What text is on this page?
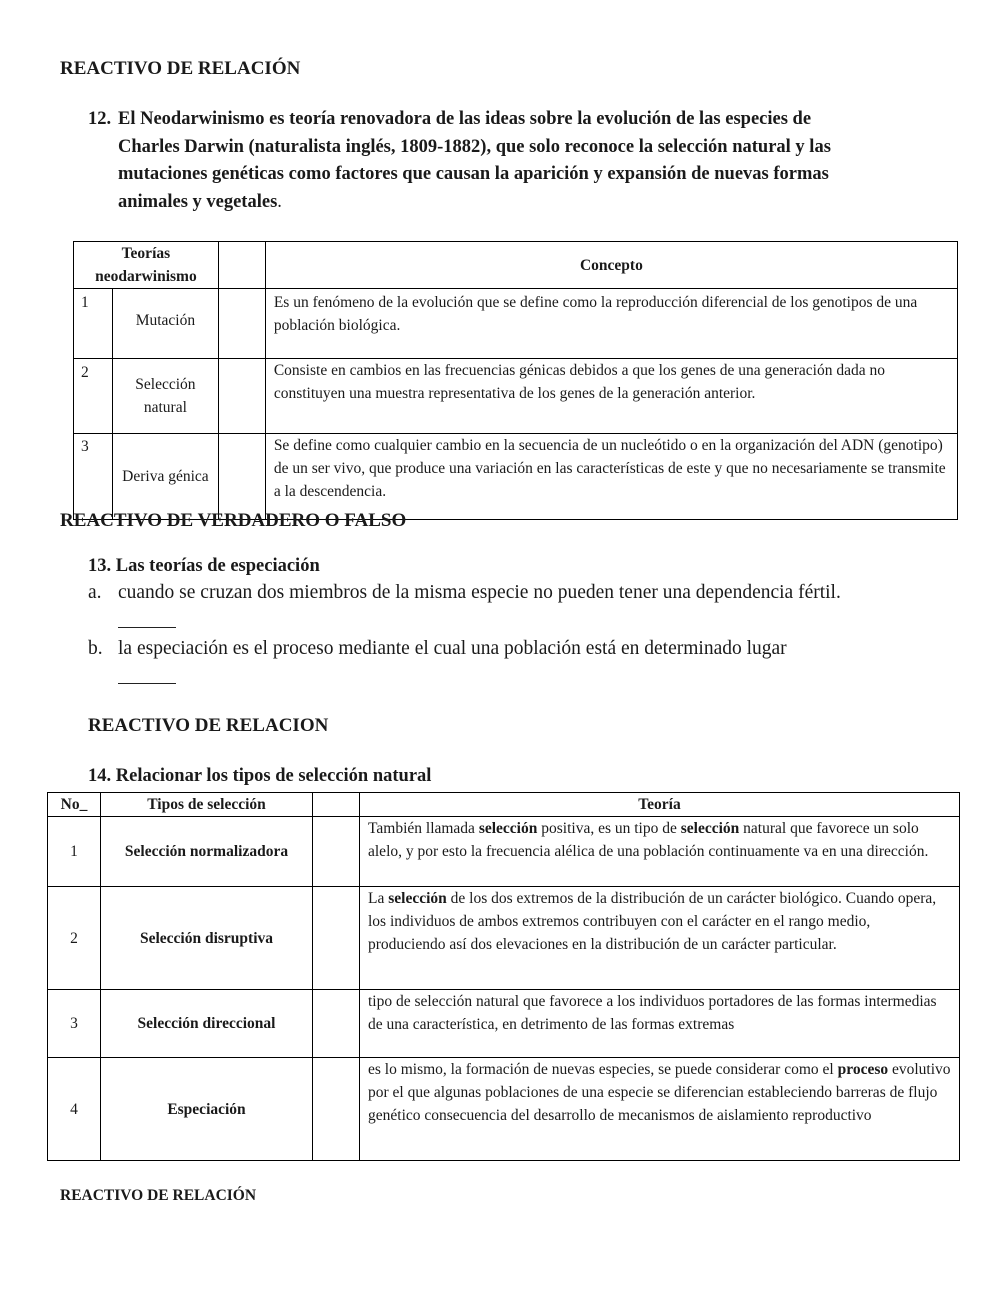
REACTIVO DE RELACIÓN
12. El Neodarwinismo es teoría renovadora de las ideas sobre la evolución de las especies de
Charles Darwin (naturalista inglés, 1809-1882), que solo reconoce la selección natural y las
mutaciones genéticas como factores que causan la aparición y expansión de nuevas formas
animales y vegetales.
Teorías neodarwinismo			Concepto
1	Mutación		Es un fenómeno de la evolución que se define como la reproducción diferencial de los genotipos de una población biológica.
2	Selección natural		Consiste en cambios en las frecuencias génicas debidos a que los genes de una generación dada no constituyen una muestra representativa de los genes de la generación anterior.
3	Deriva génica		Se define como cualquier cambio en la secuencia de un nucleótido o en la organización del ADN (genotipo) de un ser vivo, que produce una variación en las características de este y que no necesariamente se transmite a la descendencia.
REACTIVO DE VERDADERO O FALSO
13. Las teorías de especiación
a. cuando se cruzan dos miembros de la misma especie no pueden tener una dependencia fértil.
b. la especiación es el proceso mediante el cual una población está en determinado lugar
REACTIVO DE RELACION
14. Relacionar los tipos de selección natural
No_	Tipos de selección		Teoría
1	Selección normalizadora		También llamada selección positiva, es un tipo de selección natural que favorece un solo alelo, y por esto la frecuencia alélica de una población continuamente va en una dirección.
2	Selección disruptiva		La selección de los dos extremos de la distribución de un carácter biológico. Cuando opera, los individuos de ambos extremos contribuyen con el carácter en el rango medio, produciendo así dos elevaciones en la distribución de un carácter particular.
3	Selección direccional		tipo de selección natural que favorece a los individuos portadores de las formas intermedias de una característica, en detrimento de las formas extremas
4	Especiación		es lo mismo, la formación de nuevas especies, se puede considerar como el proceso evolutivo por el que algunas poblaciones de una especie se diferencian estableciendo barreras de flujo genético consecuencia del desarrollo de mecanismos de aislamiento reproductivo
REACTIVO DE RELACIÓN
